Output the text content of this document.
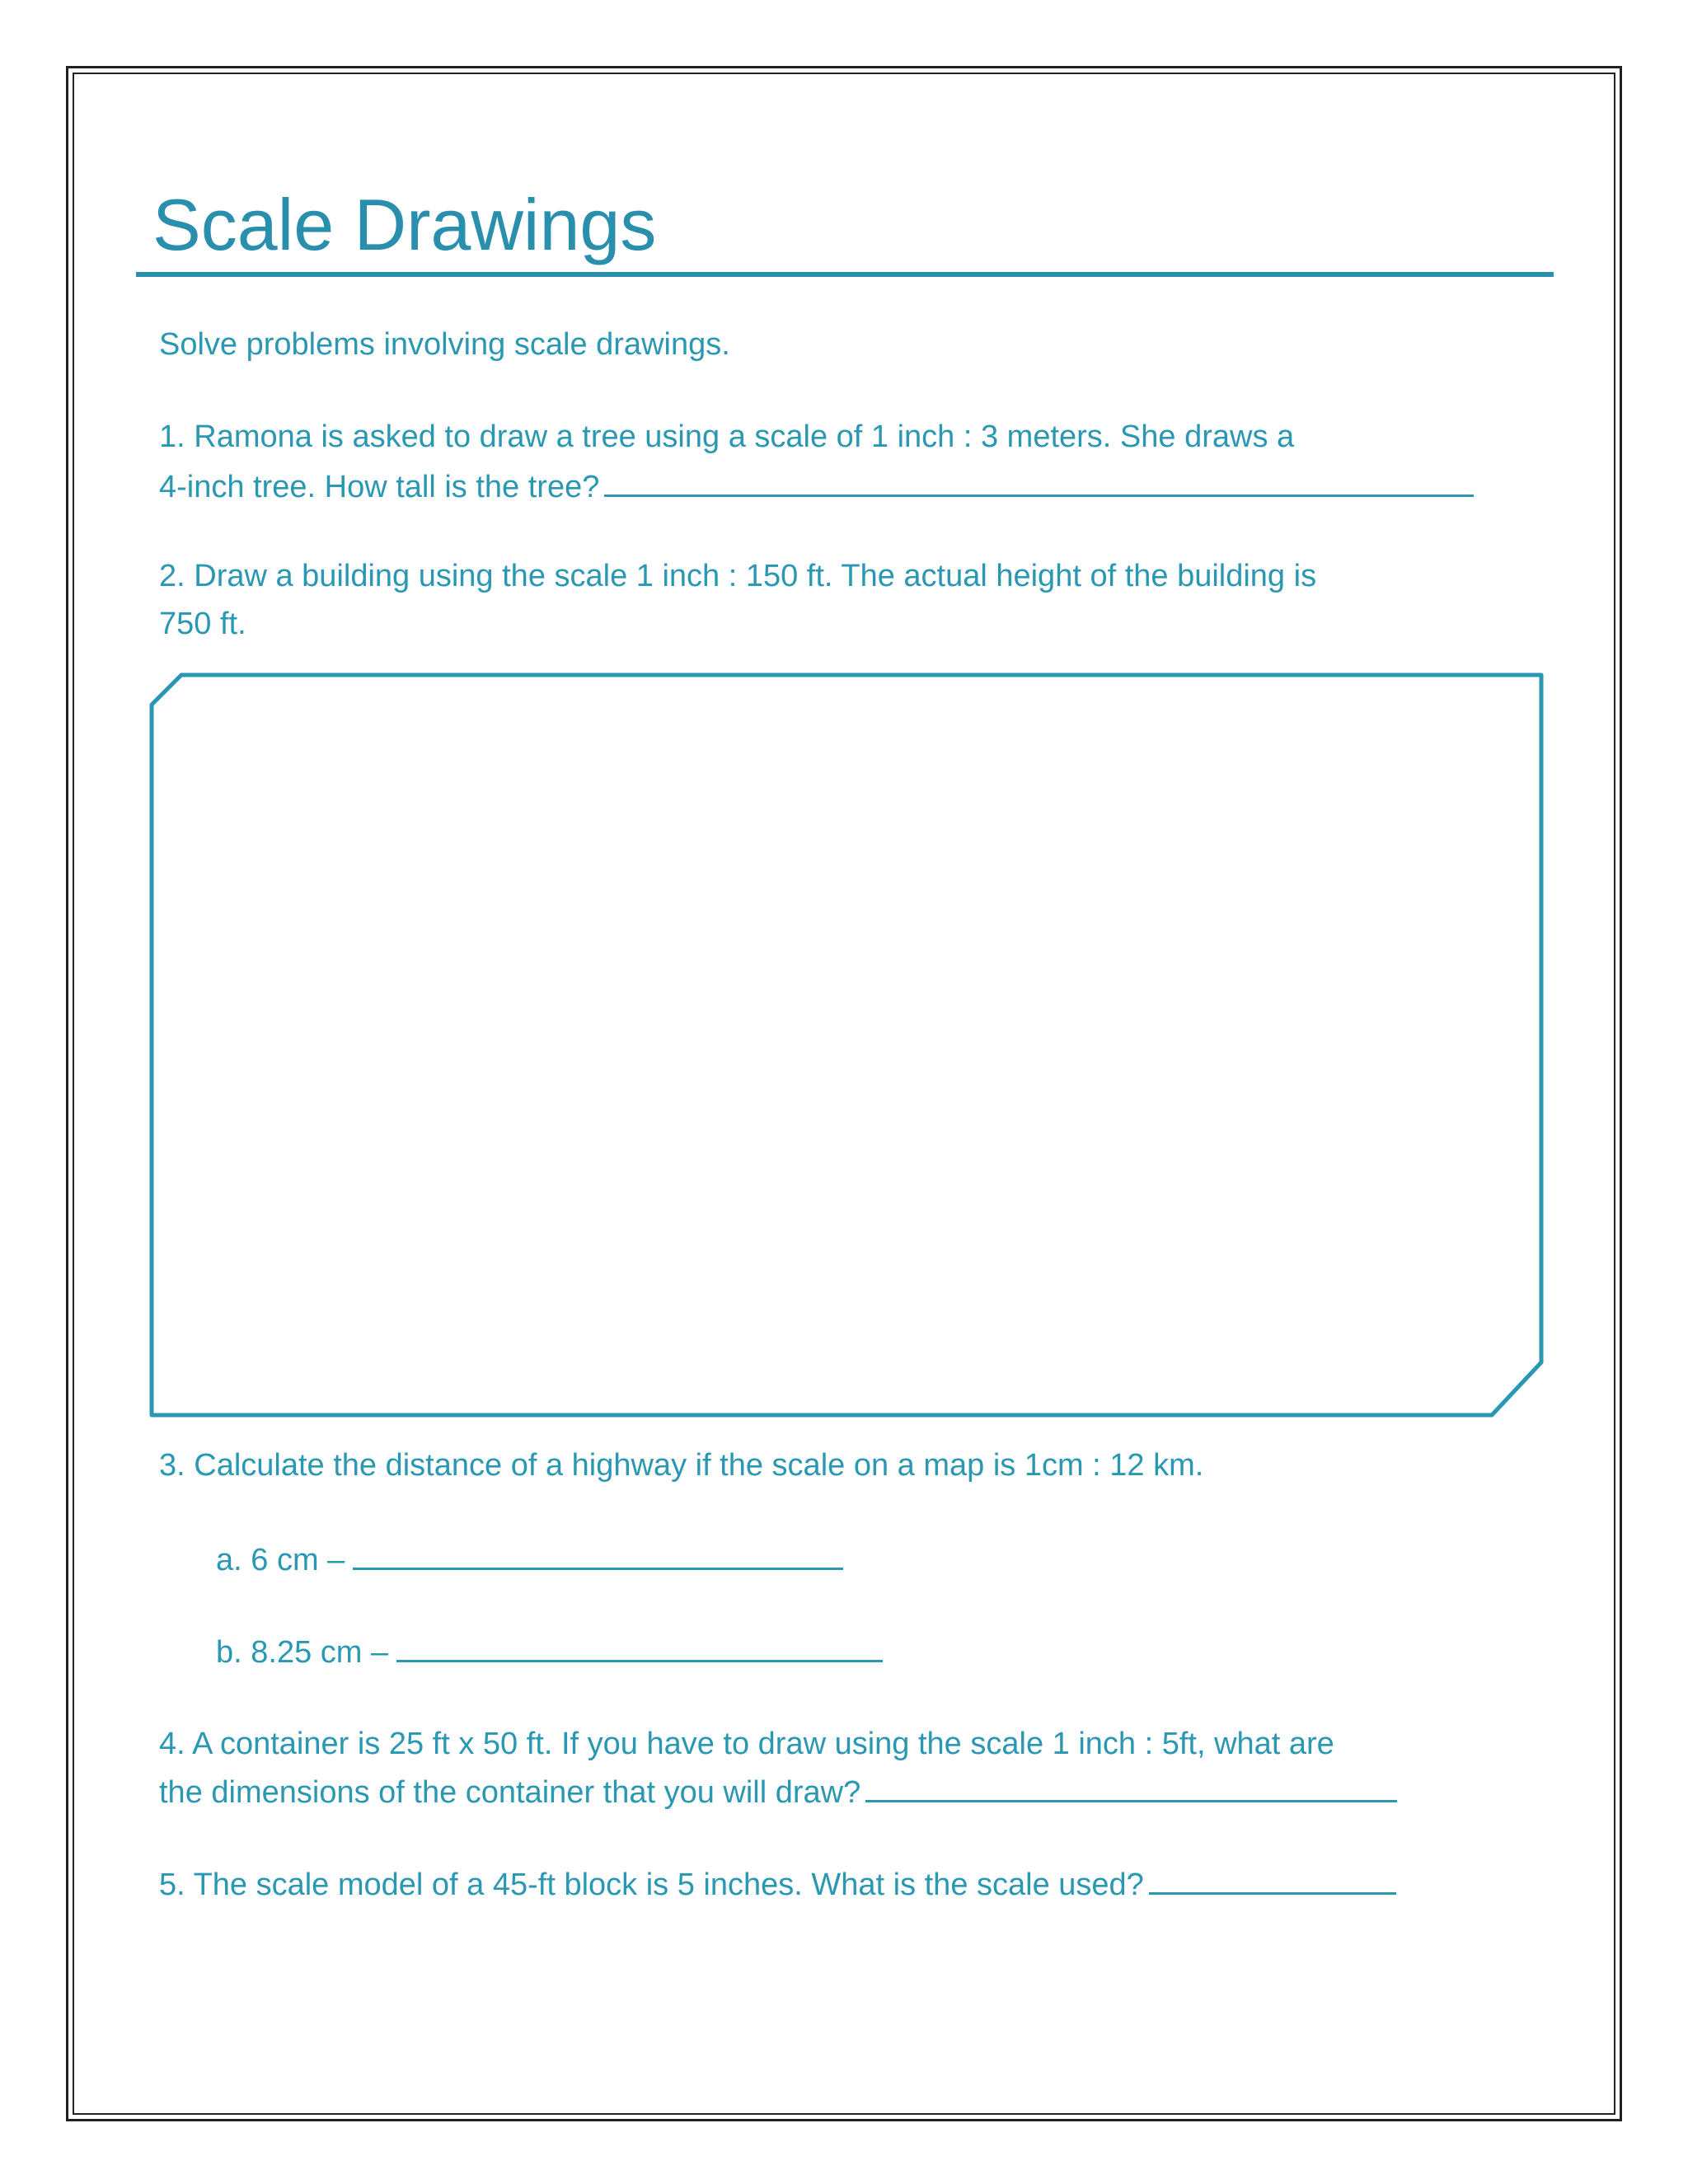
Scale Drawings
Solve problems involving scale drawings.
1. Ramona is asked to draw a tree using a scale of 1 inch : 3 meters. She draws a
4-inch tree. How tall is the tree?
2. Draw a building using the scale 1 inch : 150 ft. The actual height of the building is
750 ft.
3. Calculate the distance of a highway if the scale on a map is 1cm : 12 km.
a. 6 cm –
b. 8.25 cm –
4. A container is 25 ft x 50 ft. If you have to draw using the scale 1 inch : 5ft, what are
the dimensions of the container that you will draw?
5. The scale model of a 45-ft block is 5 inches. What is the scale used?
